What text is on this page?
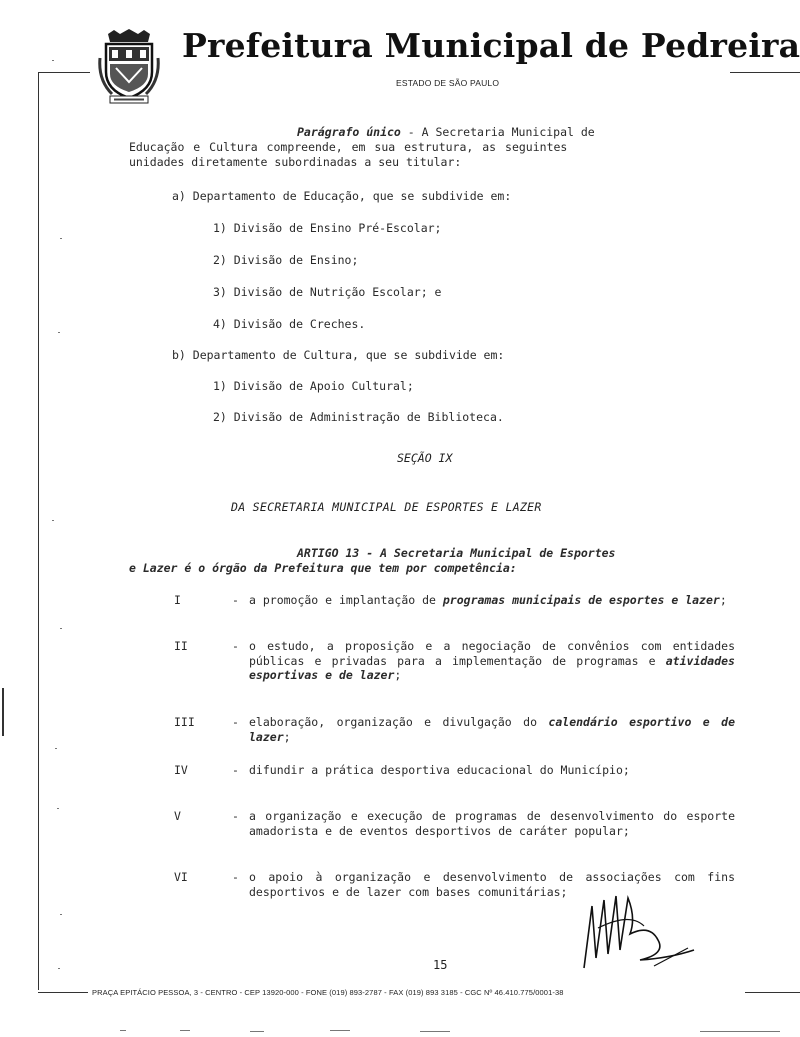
Prefeitura Municipal de Pedreira
ESTADO DE SÃO PAULO
Parágrafo único - A Secretaria Municipal de
Educação e Cultura compreende, em sua estrutura, as seguintes
unidades diretamente subordinadas a seu titular:
a) Departamento de Educação, que se subdivide em:
1) Divisão de Ensino Pré-Escolar;
2) Divisão de Ensino;
3) Divisão de Nutrição Escolar; e
4) Divisão de Creches.
b) Departamento de Cultura, que se subdivide em:
1) Divisão de Apoio Cultural;
2) Divisão de Administração de Biblioteca.
SEÇÃO IX
DA SECRETARIA MUNICIPAL DE ESPORTES E LAZER
ARTIGO 13 - A Secretaria Municipal de Esportes
e Lazer é o órgão da Prefeitura que tem por competência:
I	- a promoção e implantação de programas municipais de esportes e lazer;
II	- o estudo, a proposição e a negociação de convênios com entidades públicas e privadas para a implementação de programas e atividades esportivas e de lazer;
III	- elaboração, organização e divulgação do calendário esportivo e de lazer;
IV	- difundir a prática desportiva educacional do Município;
V	- a organização e execução de programas de desenvolvimento do esporte amadorista e de eventos desportivos de caráter popular;
VI	- o apoio à organização e desenvolvimento de associações com fins desportivos e de lazer com bases comunitárias;
15
PRAÇA EPITÁCIO PESSOA, 3 - CENTRO - CEP 13920-000 - FONE (019) 893-2787 - FAX (019) 893 3185 - CGC Nº 46.410.775/0001-38
